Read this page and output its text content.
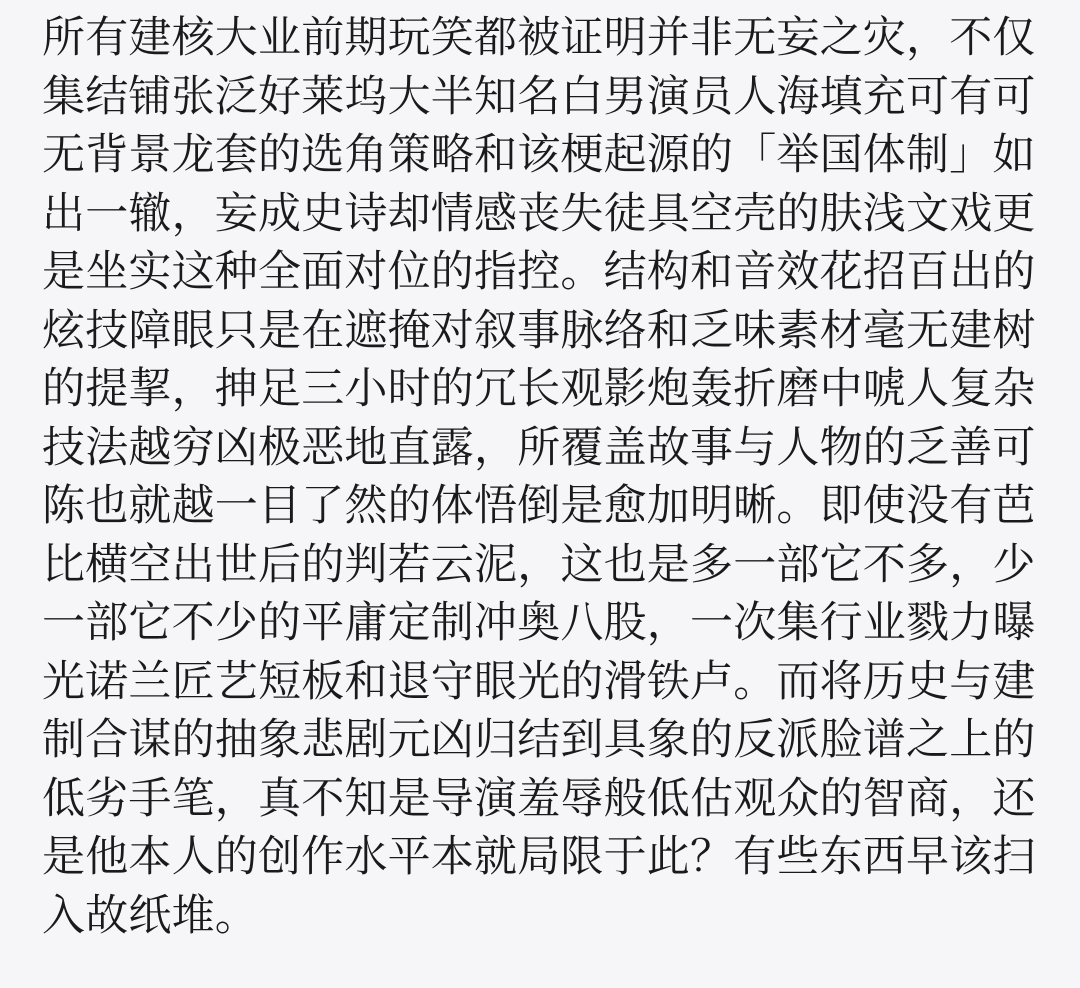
所有建核大业前期玩笑都被证明并非无妄之灾，不仅
集结铺张泛好莱坞大半知名白男演员人海填充可有可
无背景龙套的选角策略和该梗起源的「举国体制」如
出一辙，妄成史诗却情感丧失徒具空壳的肤浅文戏更
是坐实这种全面对位的指控。结构和音效花招百出的
炫技障眼只是在遮掩对叙事脉络和乏味素材毫无建树
的提挈，抻足三小时的冗长观影炮轰折磨中唬人复杂
技法越穷凶极恶地直露，所覆盖故事与人物的乏善可
陈也就越一目了然的体悟倒是愈加明晰。即使没有芭
比横空出世后的判若云泥，这也是多一部它不多，少
一部它不少的平庸定制冲奥八股，一次集行业戮力曝
光诺兰匠艺短板和退守眼光的滑铁卢。而将历史与建
制合谋的抽象悲剧元凶归结到具象的反派脸谱之上的
低劣手笔，真不知是导演羞辱般低估观众的智商，还
是他本人的创作水平本就局限于此？有些东西早该扫
入故纸堆。
